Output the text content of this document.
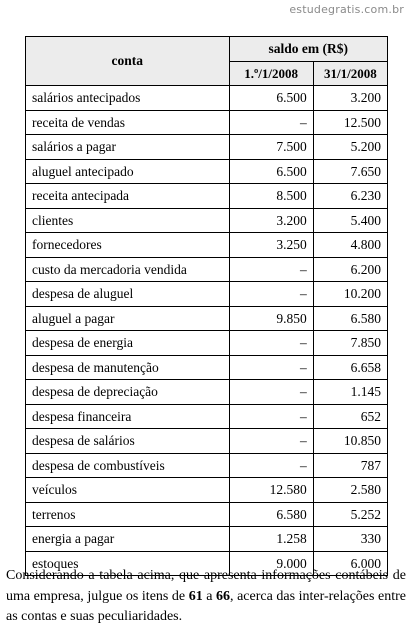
estudegratis.com.br
conta	saldo em (R$)	
	1.º/1/2008	31/1/2008
salários antecipados	6.500	3.200
receita de vendas	–	12.500
salários a pagar	7.500	5.200
aluguel antecipado	6.500	7.650
receita antecipada	8.500	6.230
clientes	3.200	5.400
fornecedores	3.250	4.800
custo da mercadoria vendida	–	6.200
despesa de aluguel	–	10.200
aluguel a pagar	9.850	6.580
despesa de energia	–	7.850
despesa de manutenção	–	6.658
despesa de depreciação	–	1.145
despesa financeira	–	652
despesa de salários	–	10.850
despesa de combustíveis	–	787
veículos	12.580	2.580
terrenos	6.580	5.252
energia a pagar	1.258	330
estoques	9.000	6.000
Considerando a tabela acima, que apresenta informações contábeis de uma empresa, julgue os itens de 61 a 66, acerca das inter-relações entre as contas e suas peculiaridades.
